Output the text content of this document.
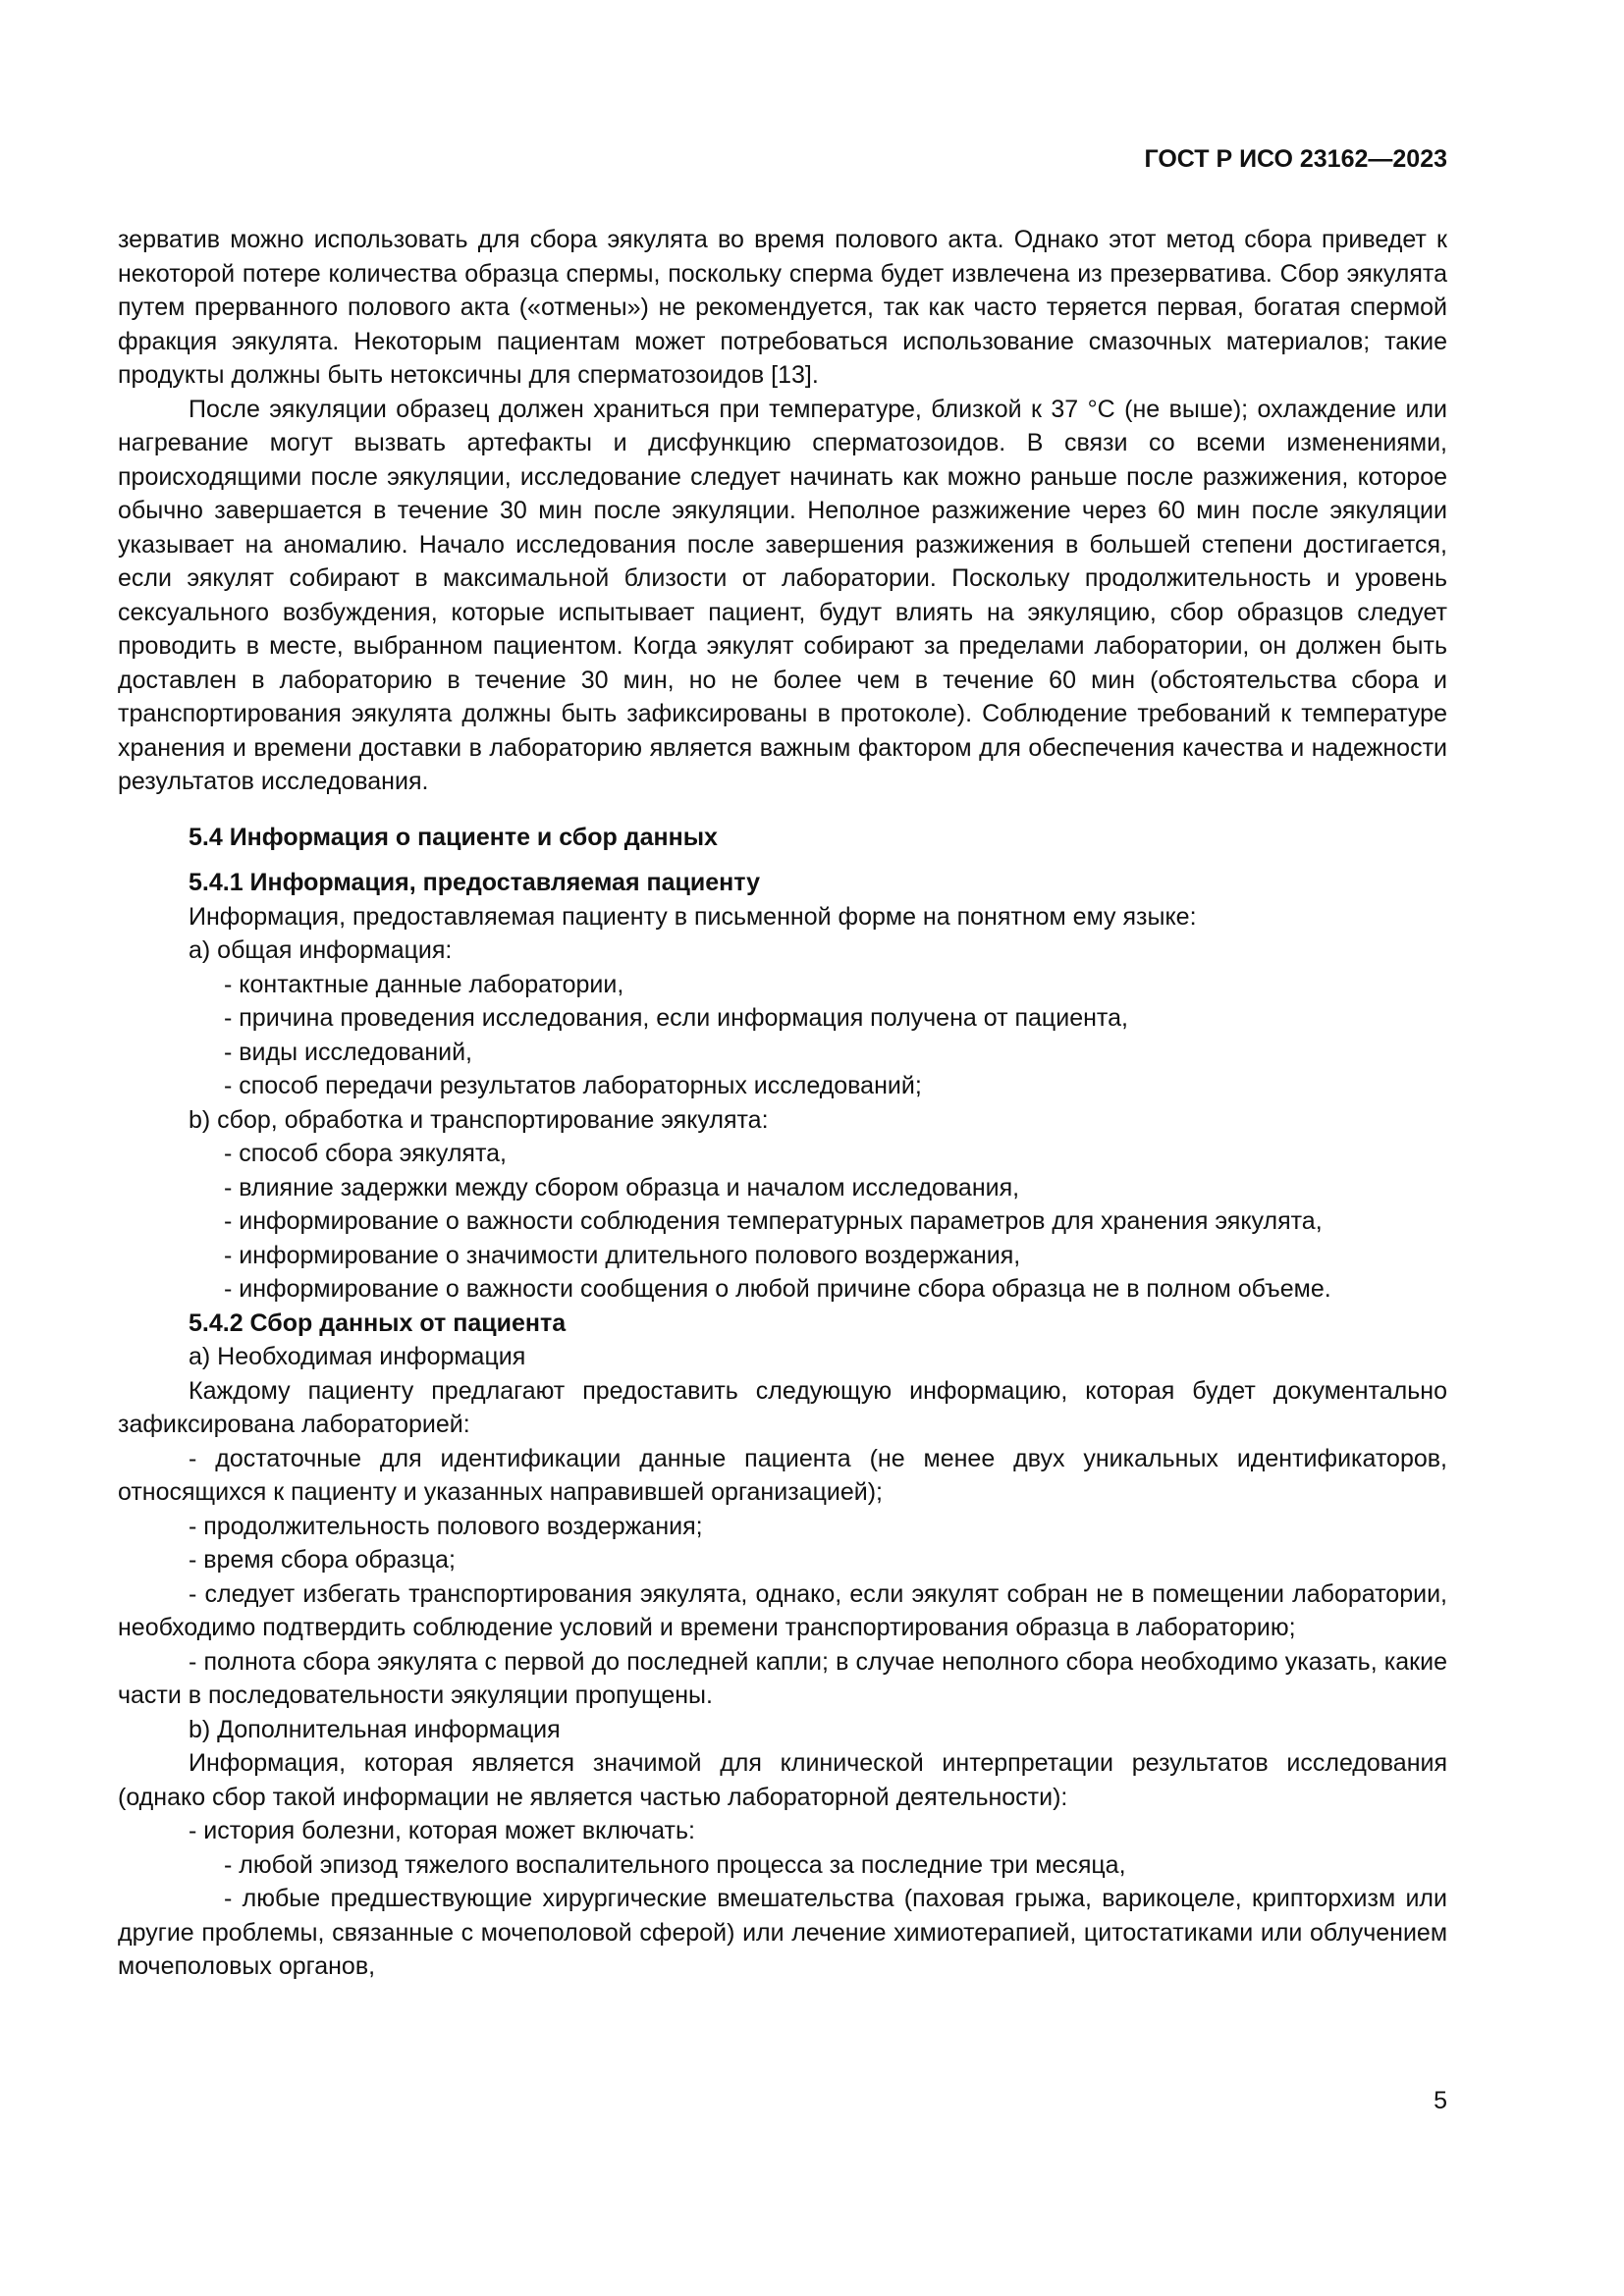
ГОСТ Р ИСО 23162—2023

зерватив можно использовать для сбора эякулята во время полового акта. Однако этот метод сбора приведет к некоторой потере количества образца спермы, поскольку сперма будет извлечена из презерватива. Сбор эякулята путем прерванного полового акта («отмены») не рекомендуется, так как часто теряется первая, богатая спермой фракция эякулята. Некоторым пациентам может потребоваться использование смазочных материалов; такие продукты должны быть нетоксичны для сперматозоидов [13].

После эякуляции образец должен храниться при температуре, близкой к 37 °С (не выше); охлаждение или нагревание могут вызвать артефакты и дисфункцию сперматозоидов. В связи со всеми изменениями, происходящими после эякуляции, исследование следует начинать как можно раньше после разжижения, которое обычно завершается в течение 30 мин после эякуляции. Неполное разжижение через 60 мин после эякуляции указывает на аномалию. Начало исследования после завершения разжижения в большей степени достигается, если эякулят собирают в максимальной близости от лаборатории. Поскольку продолжительность и уровень сексуального возбуждения, которые испытывает пациент, будут влиять на эякуляцию, сбор образцов следует проводить в месте, выбранном пациентом. Когда эякулят собирают за пределами лаборатории, он должен быть доставлен в лабораторию в течение 30 мин, но не более чем в течение 60 мин (обстоятельства сбора и транспортирования эякулята должны быть зафиксированы в протоколе). Соблюдение требований к температуре хранения и времени доставки в лабораторию является важным фактором для обеспечения качества и надежности результатов исследования.

5.4 Информация о пациенте и сбор данных

5.4.1 Информация, предоставляемая пациенту

Информация, предоставляемая пациенту в письменной форме на понятном ему языке:

a) общая информация:

- контактные данные лаборатории,

- причина проведения исследования, если информация получена от пациента,

- виды исследований,

- способ передачи результатов лабораторных исследований;

b) сбор, обработка и транспортирование эякулята:

- способ сбора эякулята,

- влияние задержки между сбором образца и началом исследования,

- информирование о важности соблюдения температурных параметров для хранения эякулята,

- информирование о значимости длительного полового воздержания,

- информирование о важности сообщения о любой причине сбора образца не в полном объеме.

5.4.2 Сбор данных от пациента

a) Необходимая информация

Каждому пациенту предлагают предоставить следующую информацию, которая будет документально зафиксирована лабораторией:

- достаточные для идентификации данные пациента (не менее двух уникальных идентификаторов, относящихся к пациенту и указанных направившей организацией);

- продолжительность полового воздержания;

- время сбора образца;

- следует избегать транспортирования эякулята, однако, если эякулят собран не в помещении лаборатории, необходимо подтвердить соблюдение условий и времени транспортирования образца в лабораторию;

- полнота сбора эякулята с первой до последней капли; в случае неполного сбора необходимо указать, какие части в последовательности эякуляции пропущены.

b) Дополнительная информация

Информация, которая является значимой для клинической интерпретации результатов исследования (однако сбор такой информации не является частью лабораторной деятельности):

- история болезни, которая может включать:

- любой эпизод тяжелого воспалительного процесса за последние три месяца,

- любые предшествующие хирургические вмешательства (паховая грыжа, варикоцеле, крипторхизм или другие проблемы, связанные с мочеполовой сферой) или лечение химиотерапией, цитостатиками или облучением мочеполовых органов,

5
